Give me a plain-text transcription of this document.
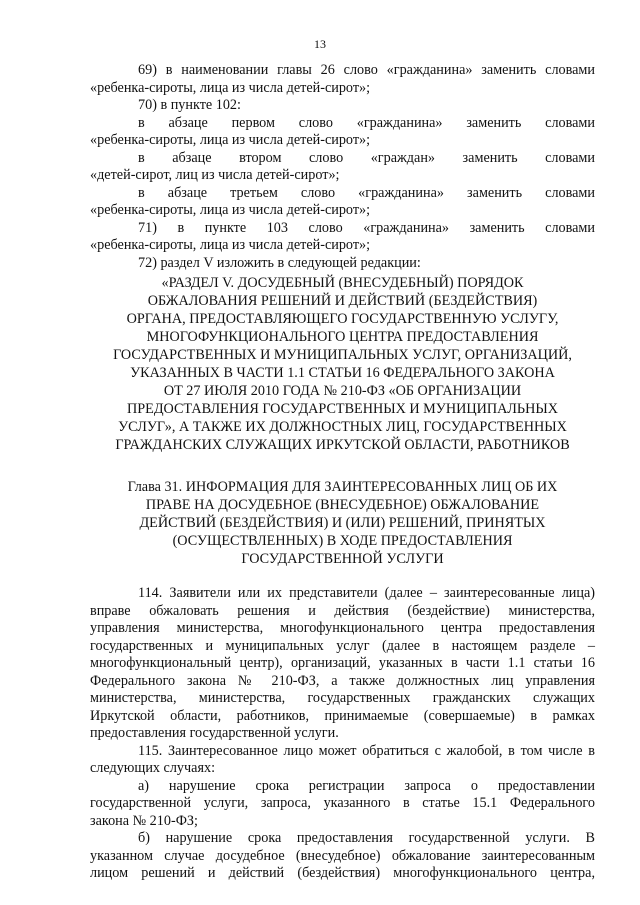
13
69) в наименовании главы 26 слово «гражданина» заменить словами
«ребенка-сироты, лица из числа детей-сирот»;
70) в пункте 102:
в абзаце первом слово «гражданина» заменить словами
«ребенка-сироты, лица из числа детей-сирот»;
в абзаце втором слово «граждан» заменить словами
«детей-сирот, лиц из числа детей-сирот»;
в абзаце третьем слово «гражданина» заменить словами
«ребенка-сироты, лица из числа детей-сирот»;
71) в пункте 103 слово «гражданина» заменить словами
«ребенка-сироты, лица из числа детей-сирот»;
72) раздел V изложить в следующей редакции:
«РАЗДЕЛ V. ДОСУДЕБНЫЙ (ВНЕСУДЕБНЫЙ) ПОРЯДОК
ОБЖАЛОВАНИЯ РЕШЕНИЙ И ДЕЙСТВИЙ (БЕЗДЕЙСТВИЯ)
ОРГАНА, ПРЕДОСТАВЛЯЮЩЕГО ГОСУДАРСТВЕННУЮ УСЛУГУ,
МНОГОФУНКЦИОНАЛЬНОГО ЦЕНТРА ПРЕДОСТАВЛЕНИЯ
ГОСУДАРСТВЕННЫХ И МУНИЦИПАЛЬНЫХ УСЛУГ, ОРГАНИЗАЦИЙ,
УКАЗАННЫХ В ЧАСТИ 1.1 СТАТЬИ 16 ФЕДЕРАЛЬНОГО ЗАКОНА
ОТ 27 ИЮЛЯ 2010 ГОДА № 210-ФЗ «ОБ ОРГАНИЗАЦИИ
ПРЕДОСТАВЛЕНИЯ ГОСУДАРСТВЕННЫХ И МУНИЦИПАЛЬНЫХ
УСЛУГ», А ТАКЖЕ ИХ ДОЛЖНОСТНЫХ ЛИЦ, ГОСУДАРСТВЕННЫХ
ГРАЖДАНСКИХ СЛУЖАЩИХ ИРКУТСКОЙ ОБЛАСТИ, РАБОТНИКОВ
Глава 31. ИНФОРМАЦИЯ ДЛЯ ЗАИНТЕРЕСОВАННЫХ ЛИЦ ОБ ИХ
ПРАВЕ НА ДОСУДЕБНОЕ (ВНЕСУДЕБНОЕ) ОБЖАЛОВАНИЕ
ДЕЙСТВИЙ (БЕЗДЕЙСТВИЯ) И (ИЛИ) РЕШЕНИЙ, ПРИНЯТЫХ
(ОСУЩЕСТВЛЕННЫХ) В ХОДЕ ПРЕДОСТАВЛЕНИЯ
ГОСУДАРСТВЕННОЙ УСЛУГИ
114. Заявители или их представители (далее – заинтересованные лица)
вправе обжаловать решения и действия (бездействие) министерства,
управления министерства, многофункционального центра предоставления
государственных и муниципальных услуг (далее в настоящем разделе –
многофункциональный центр), организаций, указанных в части 1.1 статьи 16
Федерального закона № 210-ФЗ, а также должностных лиц управления
министерства, министерства, государственных гражданских служащих
Иркутской области, работников, принимаемые (совершаемые) в рамках
предоставления государственной услуги.
115. Заинтересованное лицо может обратиться с жалобой, в том числе в
следующих случаях:
а) нарушение срока регистрации запроса о предоставлении
государственной услуги, запроса, указанного в статье 15.1 Федерального
закона № 210-ФЗ;
б) нарушение срока предоставления государственной услуги. В
указанном случае досудебное (внесудебное) обжалование заинтересованным
лицом решений и действий (бездействия) многофункционального центра,
